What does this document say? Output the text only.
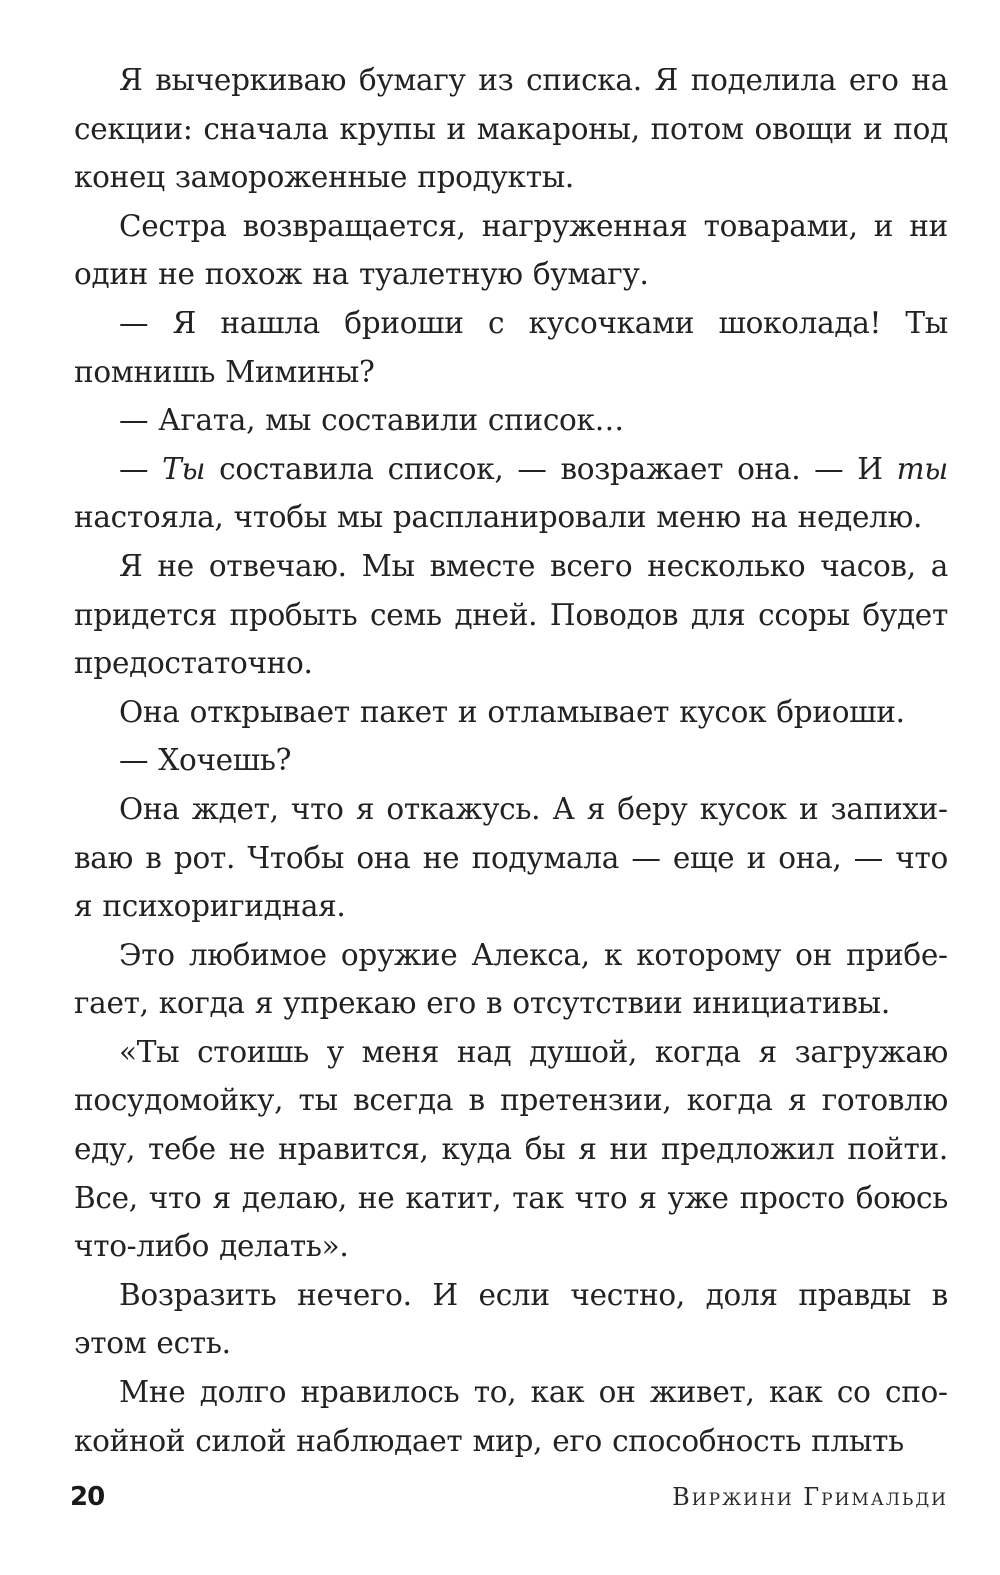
Я вычеркиваю бумагу из списка. Я поделила его на секции: сначала крупы и макароны, потом овощи и под конец замороженные продукты.

Сестра возвращается, нагруженная товарами, и ни один не похож на туалетную бумагу.

— Я нашла бриоши с кусочками шоколада! Ты помнишь Мимины?

— Агата, мы составили список…

— Ты составила список, — возражает она. — И ты настояла, чтобы мы распланировали меню на неделю.

Я не отвечаю. Мы вместе всего несколько часов, а придется пробыть семь дней. Поводов для ссоры будет предостаточно.

Она открывает пакет и отламывает кусок бриоши.

— Хочешь?

Она ждет, что я откажусь. А я беру кусок и запихиваю в рот. Чтобы она не подумала — еще и она, — что я психоригидная.

Это любимое оружие Алекса, к которому он прибегает, когда я упрекаю его в отсутствии инициативы.

«Ты стоишь у меня над душой, когда я загружаю посудомойку, ты всегда в претензии, когда я готовлю еду, тебе не нравится, куда бы я ни предложил пойти. Все, что я делаю, не катит, так что я уже просто боюсь что-либо делать».

Возразить нечего. И если честно, доля правды в этом есть.

Мне долго нравилось то, как он живет, как со спокойной силой наблюдает мир, его способность плыть

20	Виржини Гримальди
